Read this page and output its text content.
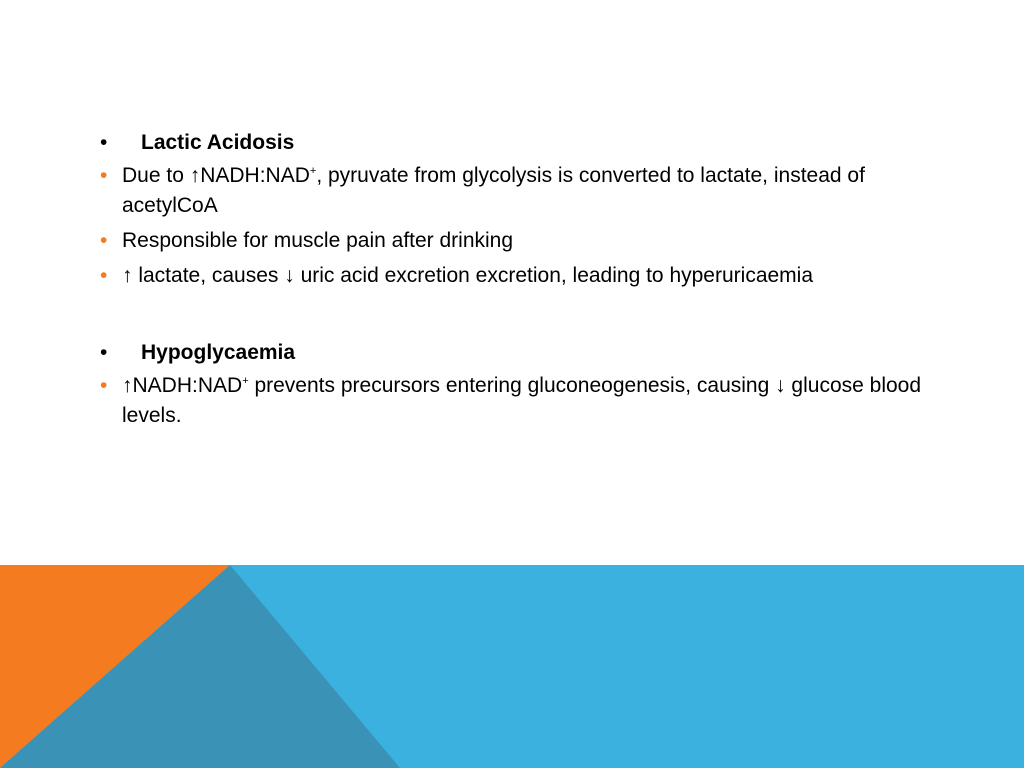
•	Lactic Acidosis
• Due to ↑NADH:NAD+, pyruvate from glycolysis is converted to lactate, instead of acetylCoA
• Responsible for muscle pain after drinking
• ↑ lactate, causes ↓ uric acid excretion excretion, leading to hyperuricaemia
•	Hypoglycaemia
• ↑NADH:NAD+ prevents precursors entering gluconeogenesis, causing ↓ glucose blood levels.
